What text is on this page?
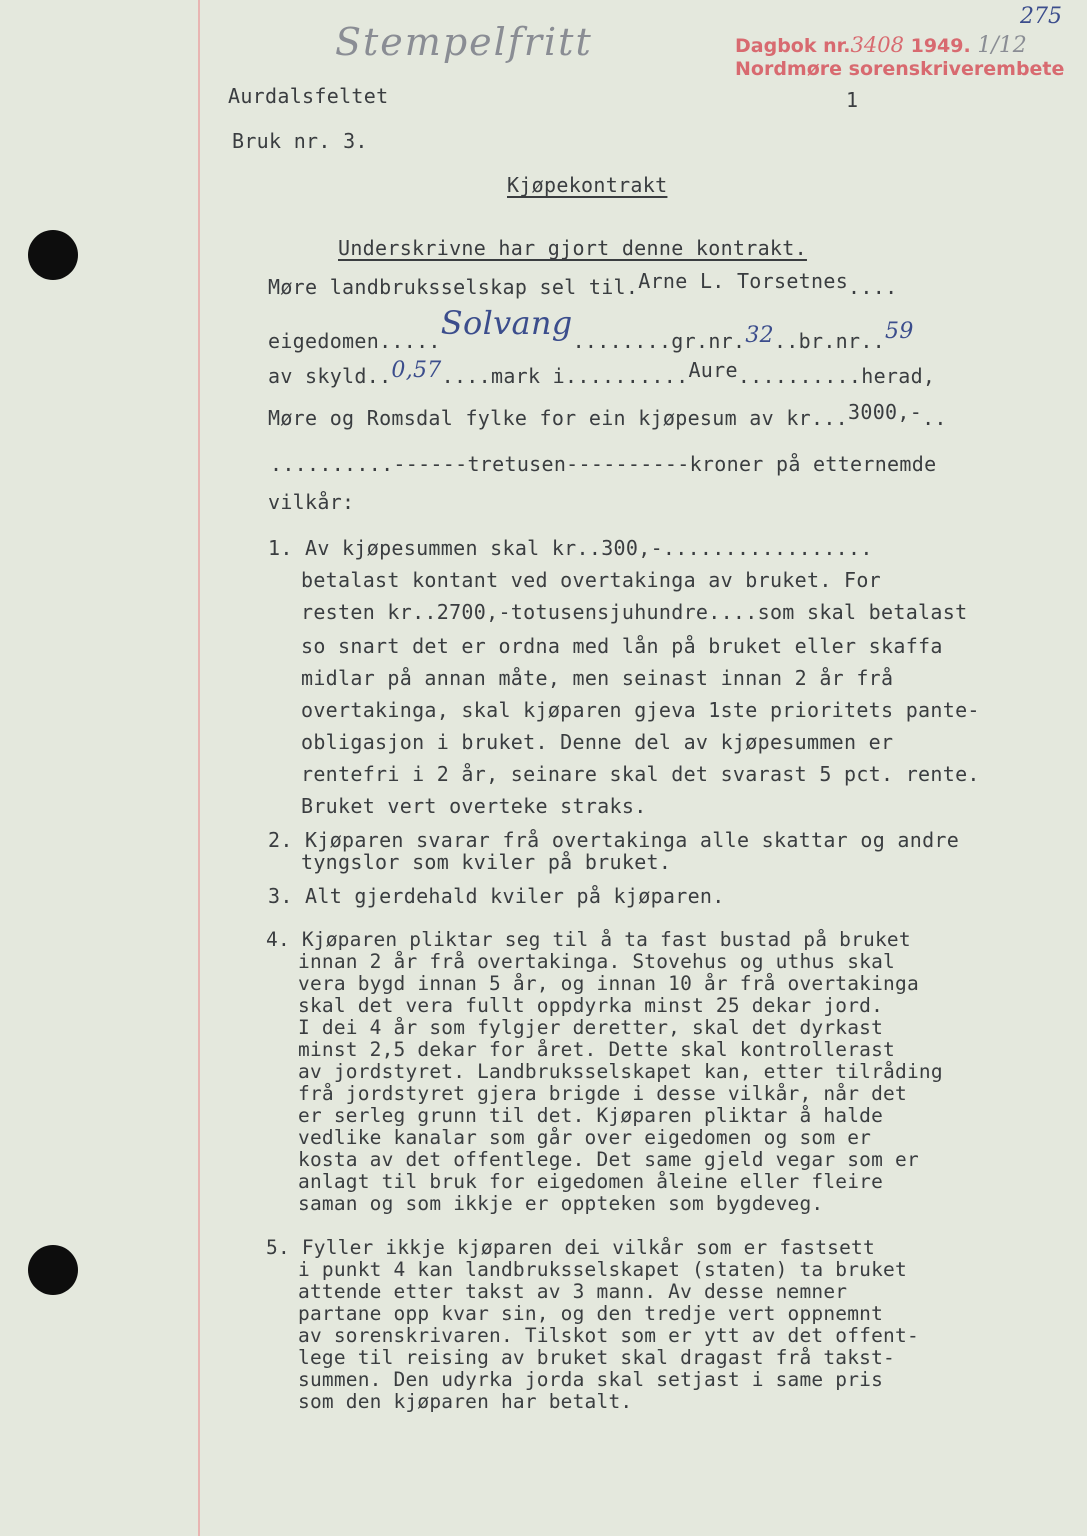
Stempelfritt	Dagbok nr.3408 1949. 1/12
Nordmøre sorenskriverembete
275
Aurdalsfeltet	1
Bruk nr. 3.
Kjøpekontrakt
Underskrivne har gjort denne kontrakt.
Møre landbruksselskap sel til.Arne L. Torsetnes....
eigedomen.....Solvang........gr.nr.32..br.nr..59
av skyld..0,57....mark i..........Aure..........herad,
Møre og Romsdal fylke for ein kjøpesum av kr...3000,-..
..........------tretusen----------kroner på etternemde
vilkår:
1. Av kjøpesummen skal kr..300,-.................
betalast kontant ved overtakinga av bruket. For
resten kr..2700,-totusensjuhundre....som skal betalast
so snart det er ordna med lån på bruket eller skaffa
midlar på annan måte, men seinast innan 2 år frå
overtakinga, skal kjøparen gjeva 1ste prioritets pante-
obligasjon i bruket. Denne del av kjøpesummen er
rentefri i 2 år, seinare skal det svarast 5 pct. rente.
Bruket vert overteke straks.
2. Kjøparen svarar frå overtakinga alle skattar og andre
tyngslor som kviler på bruket.
3. Alt gjerdehald kviler på kjøparen.
4. Kjøparen pliktar seg til å ta fast bustad på bruket
innan 2 år frå overtakinga. Stovehus og uthus skal
vera bygd innan 5 år, og innan 10 år frå overtakinga
skal det vera fullt oppdyrka minst 25 dekar jord.
I dei 4 år som fylgjer deretter, skal det dyrkast
minst 2,5 dekar for året. Dette skal kontrollerast
av jordstyret. Landbruksselskapet kan, etter tilråding
frå jordstyret gjera brigde i desse vilkår, når det
er serleg grunn til det. Kjøparen pliktar å halde
vedlike kanalar som går over eigedomen og som er
kosta av det offentlege. Det same gjeld vegar som er
anlagt til bruk for eigedomen åleine eller fleire
saman og som ikkje er oppteken som bygdeveg.
5. Fyller ikkje kjøparen dei vilkår som er fastsett
i punkt 4 kan landbruksselskapet (staten) ta bruket
attende etter takst av 3 mann. Av desse nemner
partane opp kvar sin, og den tredje vert oppnemnt
av sorenskrivaren. Tilskot som er ytt av det offent-
lege til reising av bruket skal dragast frå takst-
summen. Den udyrka jorda skal setjast i same pris
som den kjøparen har betalt.
